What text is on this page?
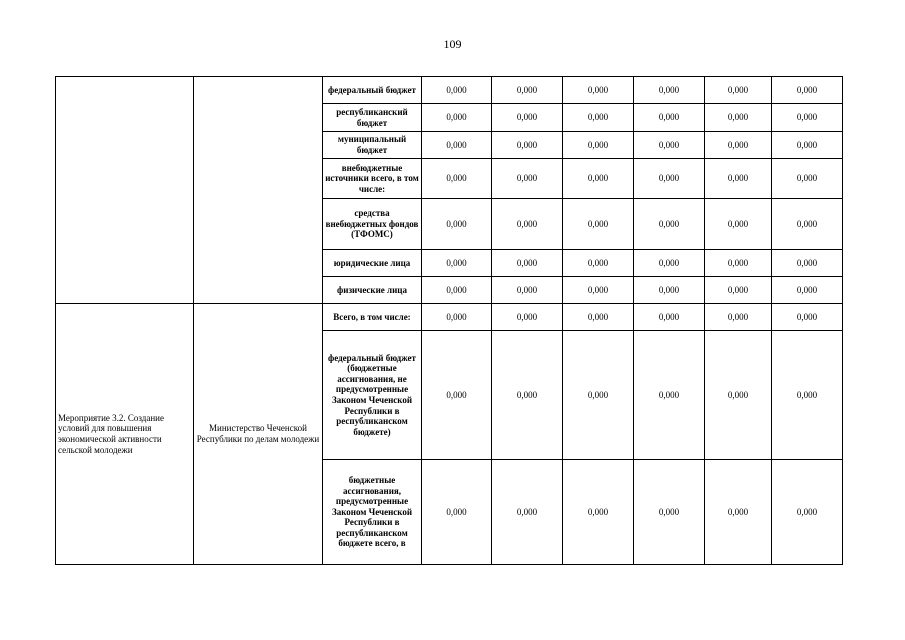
109
		федеральный бюджет	0,000	0,000	0,000	0,000	0,000	0,000
		республиканский бюджет	0,000	0,000	0,000	0,000	0,000	0,000
		муниципальный бюджет	0,000	0,000	0,000	0,000	0,000	0,000
		внебюджетные источники всего, в том числе:	0,000	0,000	0,000	0,000	0,000	0,000
		средства внебюджетных фондов (ТФОМС)	0,000	0,000	0,000	0,000	0,000	0,000
		юридические лица	0,000	0,000	0,000	0,000	0,000	0,000
		физические лица	0,000	0,000	0,000	0,000	0,000	0,000
Мероприятие 3.2. Создание условий для повышения экономической активности сельской молодежи	Министерство Чеченской Республики по делам молодежи	Всего, в том числе:	0,000	0,000	0,000	0,000	0,000	0,000
		федеральный бюджет (бюджетные ассигнования, не предусмотренные Законом Чеченской Республики в республиканском бюджете)	0,000	0,000	0,000	0,000	0,000	0,000
		бюджетные ассигнования, предусмотренные Законом Чеченской Республики в республиканском бюджете всего, в	0,000	0,000	0,000	0,000	0,000	0,000
